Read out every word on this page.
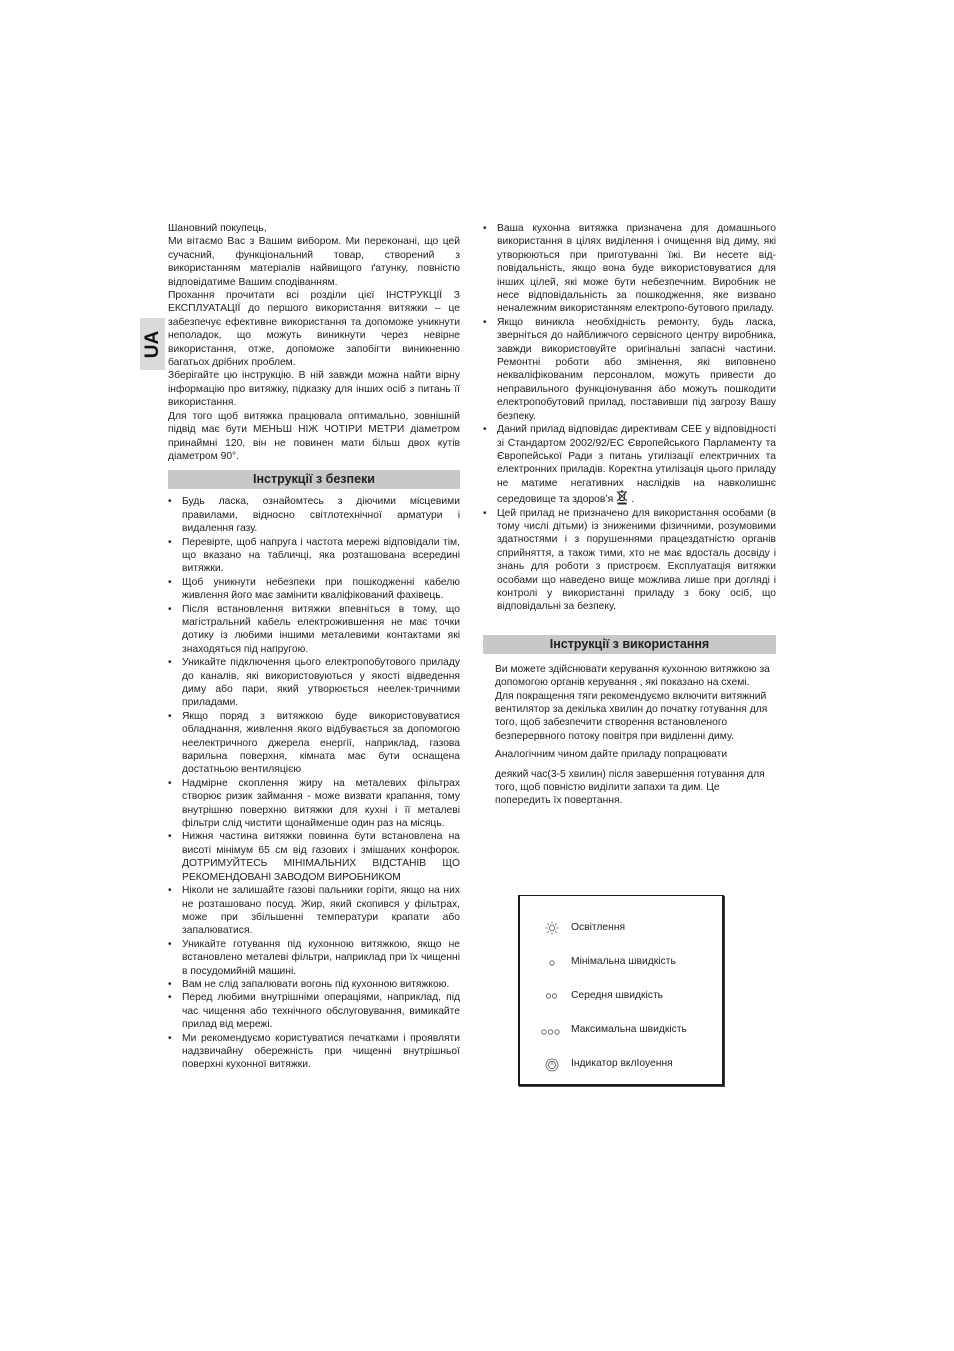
UA

Шановний покупець,

Ми вітаємо Вас з Вашим вибором. Ми переконані, що цей сучасний, функціональний товар, створений з використанням матеріалів найвищого ґатунку, повністю відповідатиме Вашим сподіванням.

Прохання прочитати всі розділи цієї ІНСТРУКЦІЇ З ЕКСПЛУАТАЦІЇ до першого використання витяжки – це забезпечує ефективне використання та допоможе уникнути неполадок, що можуть виникнути через невірне використання, отже, допоможе запобігти виникненню багатьох дрібних проблем.

Зберігайте цю інструкцію. В ній завжди можна найти вірну інформацію про витяжку, підказку для інших осіб з питань її використання.

Для того щоб витяжка працювала оптимально, зовнішній підвід має бути МЕНЬШ НІЖ ЧОТІРИ МЕТРИ діаметром принаймні 120, він не повинен мати більш двох кутів діаметром 90°.

Інструкції з безпеки
• Будь ласка, ознайомтесь з діючими місцевими правилами, відносно світлотехнічної арматури і видалення газу.
• Перевірте, щоб напруга і частота мережі відповідали тім, що вказано на табличці, яка розташована всередині витяжки.
• Щоб уникнути небезпеки при пошкодженні кабелю живлення його має замінити кваліфікований фахівець.
• Після встановлення витяжки впевніться в тому, що магістральний кабель електрожившення не має точки дотику із любими іншими металевими контактами які знаходяться під напругою.
• Уникайте підключення цього електропобутового приладу до каналів, які використовуються у якості відведення диму або пари, який утворюється неелек-тричними приладами.
• Якщо поряд з витяжкою буде використовуватися обладнання, живлення якого відбувається за допомогою неелектричного джерела енергії, наприклад, газова варильна поверхня, кімната має бути оснащена достатньою вентиляцією
• Надмірне скоплення жиру на металевих фільтрах створює ризик займання - може визвати крапання, тому внутрішню поверхню витяжки для кухні і її металеві фільтри слід чистити щонайменше один раз на місяць.
• Нижня частина витяжки повинна бути встановлена на висоті мінімум 65 см від газових і змішаних конфорок. ДОТРИМУЙТЕСЬ МІНІМАЛЬНИХ ВІДСТАНІВ ЩО РЕКОМЕНДОВАНІ ЗАВОДОМ ВИРОБНИКОМ
• Ніколи не залишайте газові пальники горіти, якщо на них не розташовано посуд. Жир, який скопився у фільтрах, може при збільшенні температури крапати або запалюватися.
• Уникайте готування під кухонною витяжкою, якщо не встановлено металеві фільтри, наприклад при їх чищенні в посудомийній машині.
• Вам не слід запалювати вогонь під кухонною витяжкою.
• Перед любими внутрішніми операціями, наприклад, під час чищення або технічного обслуговування, вимикайте прилад від мережі.
• Ми рекомендуємо користуватися печатками і проявляти надзвичайну обережність при чищенні внутрішньої поверхні кухонної витяжки.
• Ваша кухонна витяжка призначена для домашнього використання в цілях виділення і очищення від диму, які утворюються при приготуванні їжі. Ви несете від-повідальність, якщо вона буде використовуватися для інших цілей, які може бути небезпечним. Виробник не несе відповідальність за пошкодження, яке визвано неналежним використанням електропо-бутового приладу.
• Якщо виникла необхідність ремонту, будь ласка, зверніться до найближчого сервісного центру виробника, завжди використовуйте оригінальні запасні частини. Ремонтні роботи або змінення, які виповнено некваліфікованим персоналом, можуть привести до неправильного функціонування або можуть пошкодити електропобутовий прилад, поставивши під загрозу Вашу безпеку.
• Даний прилад відповідає директивам CEE у відповідності зі Стандартом 2002/92/EC Європейського Парламенту та Європейської Ради з питань утилізації електричних та електронних приладів. Коректна утилізація цього приладу не матиме негативних наслідків на навколишнє середовище та здоров’я .
• Цей прилад не призначено для використання особами (в тому числі дітьми) із зниженими фізичними, розумовими здатностями і з порушеннями працездатністю органів сприйняття, а також тими, хто не має вдосталь досвіду і знань для роботи з пристроєм. Експлуатація витяжки особами що наведено вище можлива лише при догляді і контролі у використанні приладу з боку осіб, що відповідальні за безпеку.
Інструкції з використання

Ви можете здійснювати керування кухонною витяжкою за допомогою органів керування , які показано на схемі.

Для покращення тяги рекомендуємо включити витяжний вентилятор за декілька хвилин до початку готування для того, щоб забезпечити створення встановленого безперервного потоку повітря при виділенні диму.

Аналогічним чином дайте приладу попрацювати

деякий час(3-5 хвилин) після завершення готування для того, щоб повністю виділити запахи та дим. Це попередить їх повертання.

Освітлення
Мінімальна швидкість
Середня швидкість
Максимальна швидкість
Індикатор вклІоуення
